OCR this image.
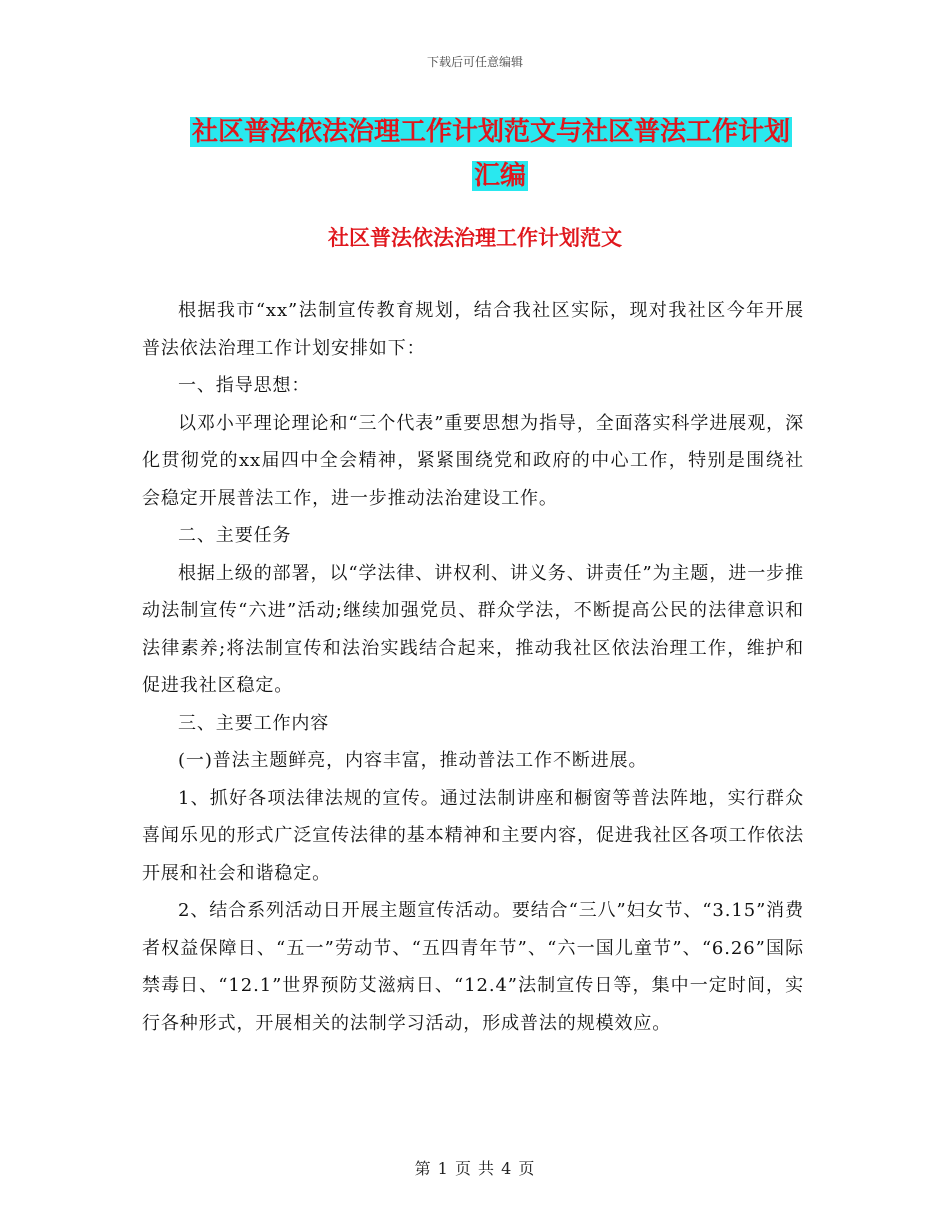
下载后可任意编辑
社区普法依法治理工作计划范文与社区普法工作计划
汇编
社区普法依法治理工作计划范文

根据我市“xx”法制宣传教育规划，结合我社区实际，现对我社区今年开展普法依法治理工作计划安排如下：

一、指导思想：

以邓小平理论理论和“三个代表”重要思想为指导，全面落实科学进展观，深化贯彻党的xx届四中全会精神，紧紧围绕党和政府的中心工作，特别是围绕社会稳定开展普法工作，进一步推动法治建设工作。

二、主要任务

根据上级的部署，以“学法律、讲权利、讲义务、讲责任”为主题，进一步推动法制宣传“六进”活动;继续加强党员、群众学法，不断提高公民的法律意识和法律素养;将法制宣传和法治实践结合起来，推动我社区依法治理工作，维护和促进我社区稳定。

三、主要工作内容

(一)普法主题鲜亮，内容丰富，推动普法工作不断进展。

1、抓好各项法律法规的宣传。通过法制讲座和橱窗等普法阵地，实行群众喜闻乐见的形式广泛宣传法律的基本精神和主要内容，促进我社区各项工作依法开展和社会和谐稳定。

2、结合系列活动日开展主题宣传活动。要结合“三八”妇女节、“3.15”消费者权益保障日、“五一”劳动节、“五四青年节”、“六一国儿童节”、“6.26”国际禁毒日、“12.1”世界预防艾滋病日、“12.4”法制宣传日等，集中一定时间，实行各种形式，开展相关的法制学习活动，形成普法的规模效应。

第 1 页 共 4 页
